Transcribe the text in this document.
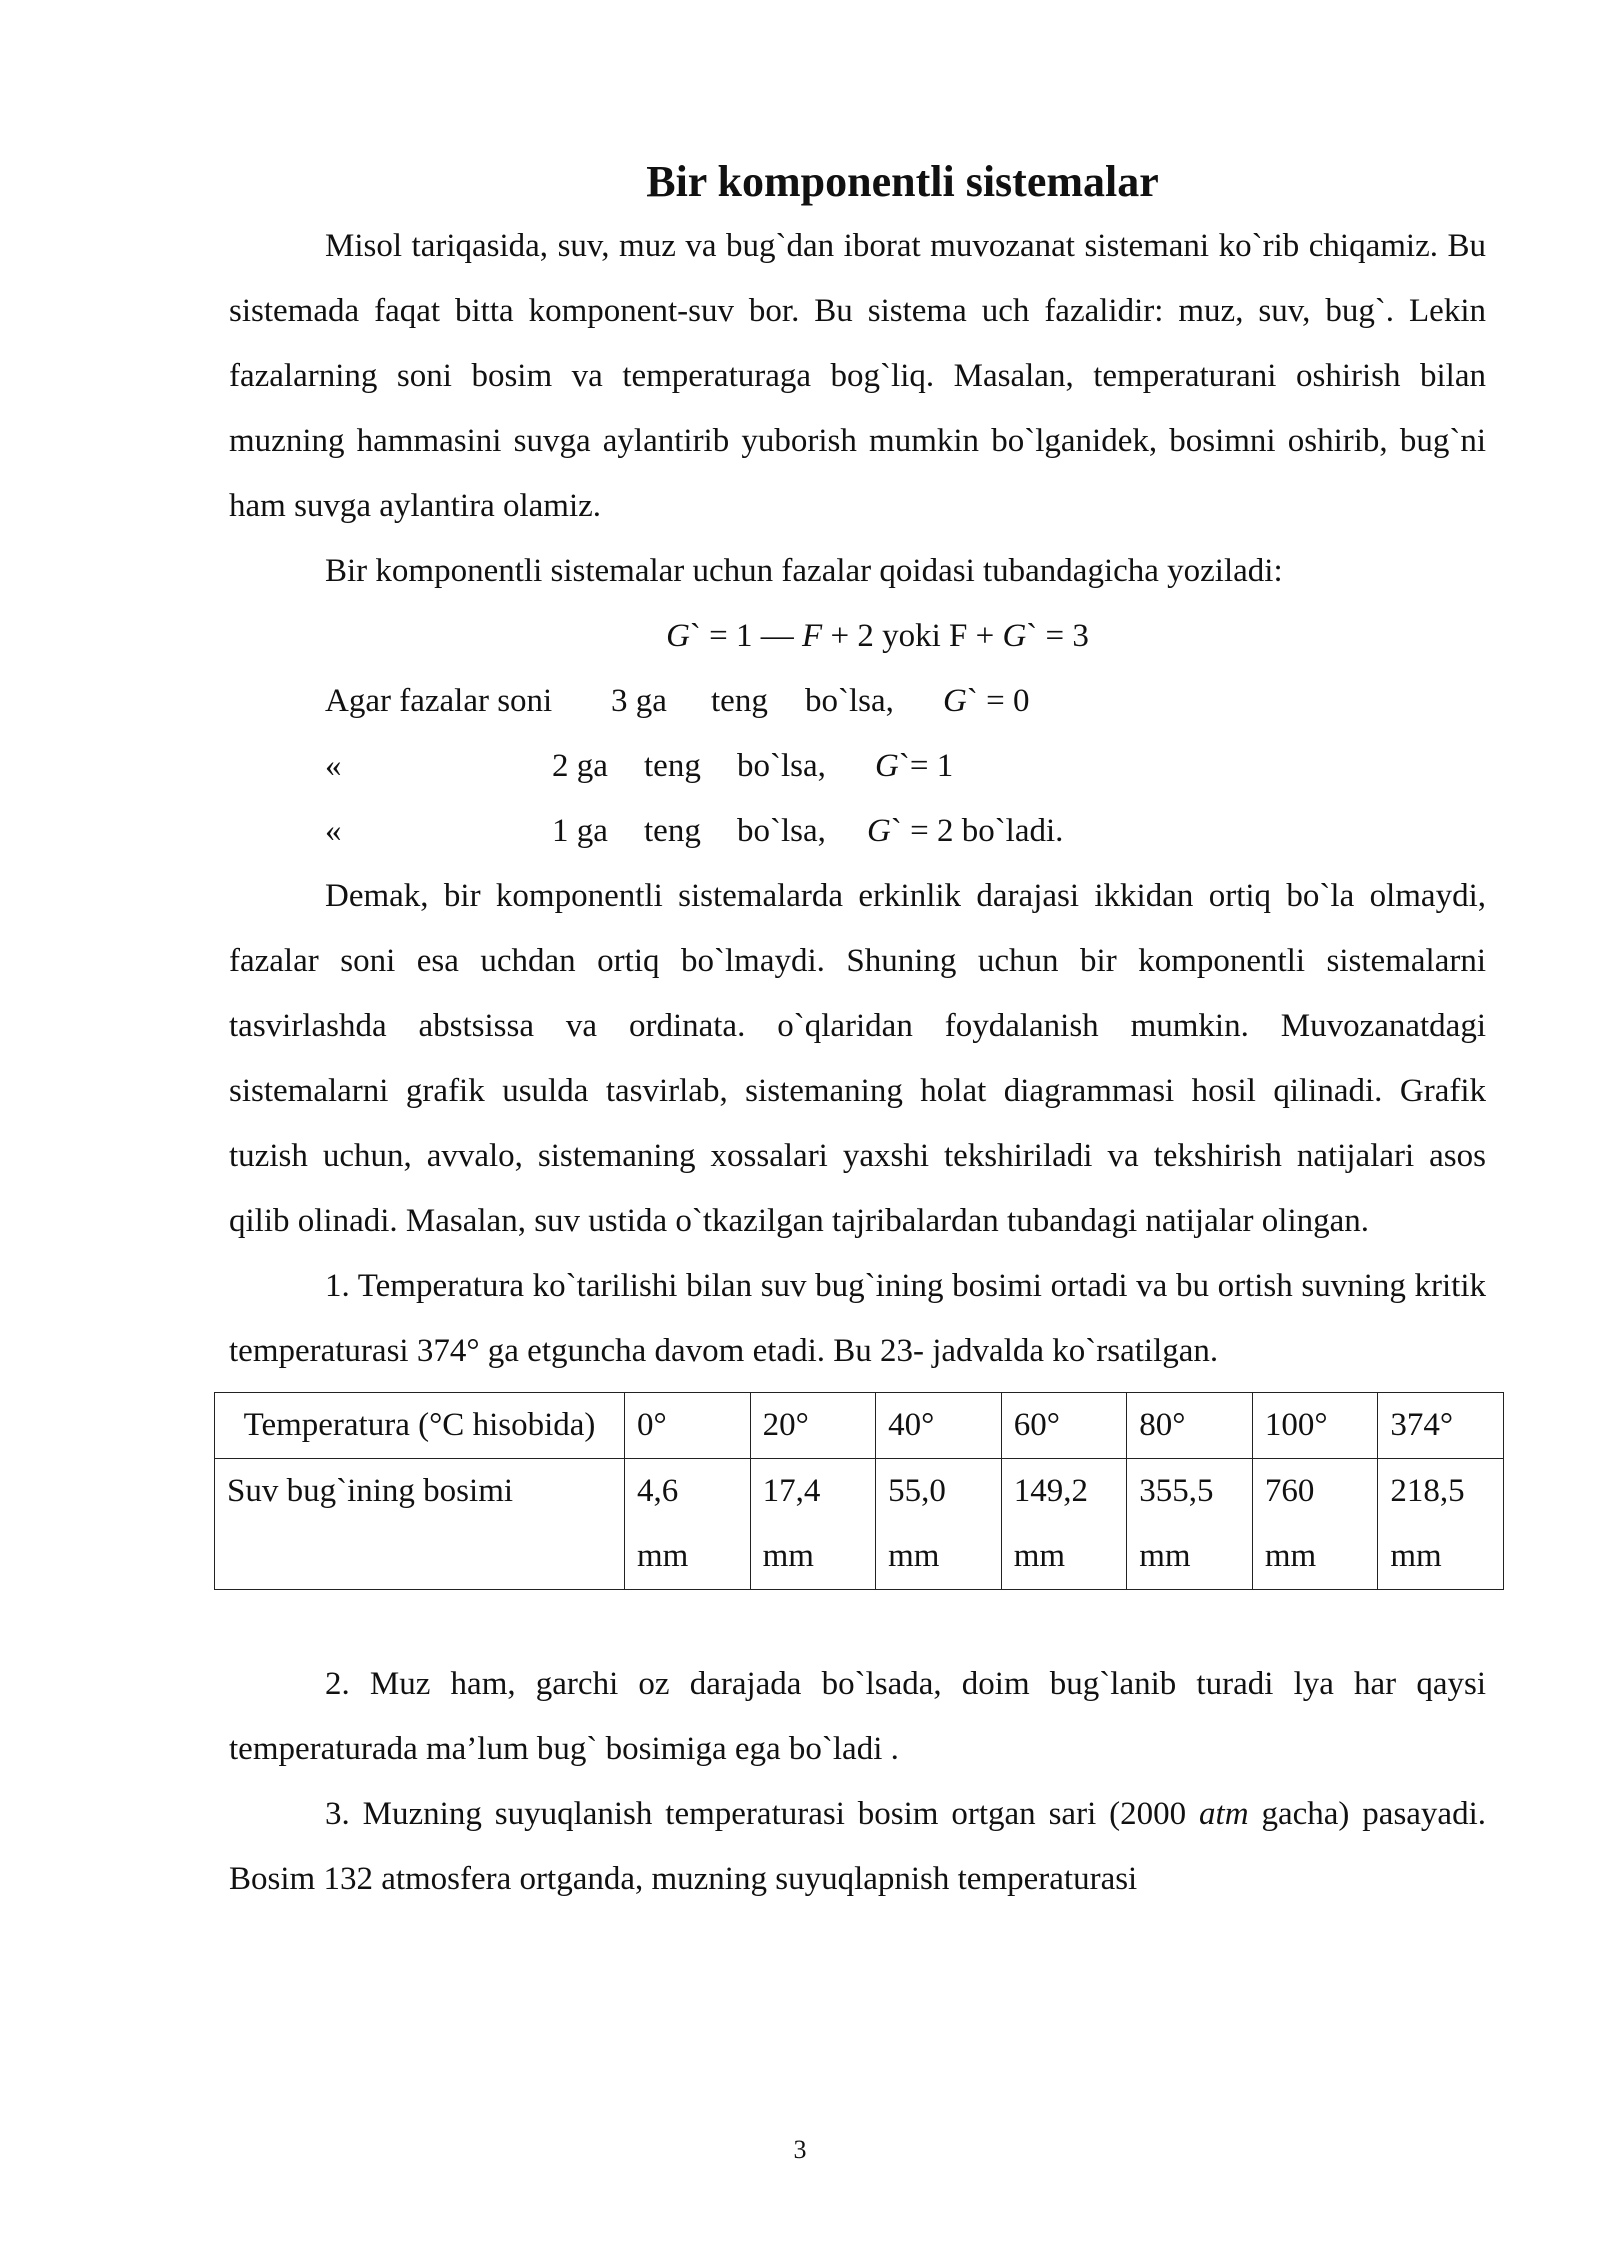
Bir komponentli sistemalar

Misol tariqasida, suv, muz va bug`dan iborat muvozanat sistemani ko`rib chiqamiz. Bu sistemada faqat bitta komponent-suv bor. Bu sistema uch fazalidir: muz, suv, bug`. Lekin fazalarning soni bosim va temperaturaga bog`liq. Masalan, temperaturani oshirish bilan muzning hammasini suvga aylantirib yuborish mumkin bo`lganidek, bosimni oshirib, bug`ni ham suvga aylantira olamiz.

Bir komponentli sistemalar uchun fazalar qoidasi tubandagicha yoziladi:

G` = 1 — F + 2 yoki F + G` = 3
Agar fazalar soni 3 ga teng bo`lsa, G` = 0
«	2 ga teng bo`lsa, G`= 1
«	1 ga teng bo`lsa, G` = 2 bo`ladi.

Demak, bir komponentli sistemalarda erkinlik darajasi ikkidan ortiq bo`la olmaydi, fazalar soni esa uchdan ortiq bo`lmaydi. Shuning uchun bir komponentli sistemalarni tasvirlashda abstsissa va ordinata. o`qlaridan foydalanish mumkin. Muvozanatdagi sistemalarni grafik usulda tasvirlab, sistemaning holat diagrammasi hosil qilinadi. Grafik tuzish uchun, avvalo, sistemaning xossalari yaxshi tekshiriladi va tekshirish natijalari asos qilib olinadi. Masalan, suv ustida o`tkazilgan tajribalardan tubandagi natijalar olingan.

1. Temperatura ko`tarilishi bilan suv bug`ining bosimi ortadi va bu ortish suvning kritik temperaturasi 374° ga etguncha davom etadi. Bu 23- jadvalda ko`rsatilgan.

Temperatura (°C hisobida)	0°	20°	40°	60°	80°	100°	374°
Suv bug`ining bosimi	4,6 mm	17,4 mm	55,0 mm	149,2 mm	355,5 mm	760 mm	218,5 mm

2. Muz ham, garchi oz darajada bo`lsada, doim bug`lanib turadi lya har qaysi temperaturada ma’lum bug` bosimiga ega bo`ladi .

3. Muzning suyuqlanish temperaturasi bosim ortgan sari (2000 atm gacha) pasayadi. Bosim 132 atmosfera ortganda, muzning suyuqlapnish temperaturasi

3
